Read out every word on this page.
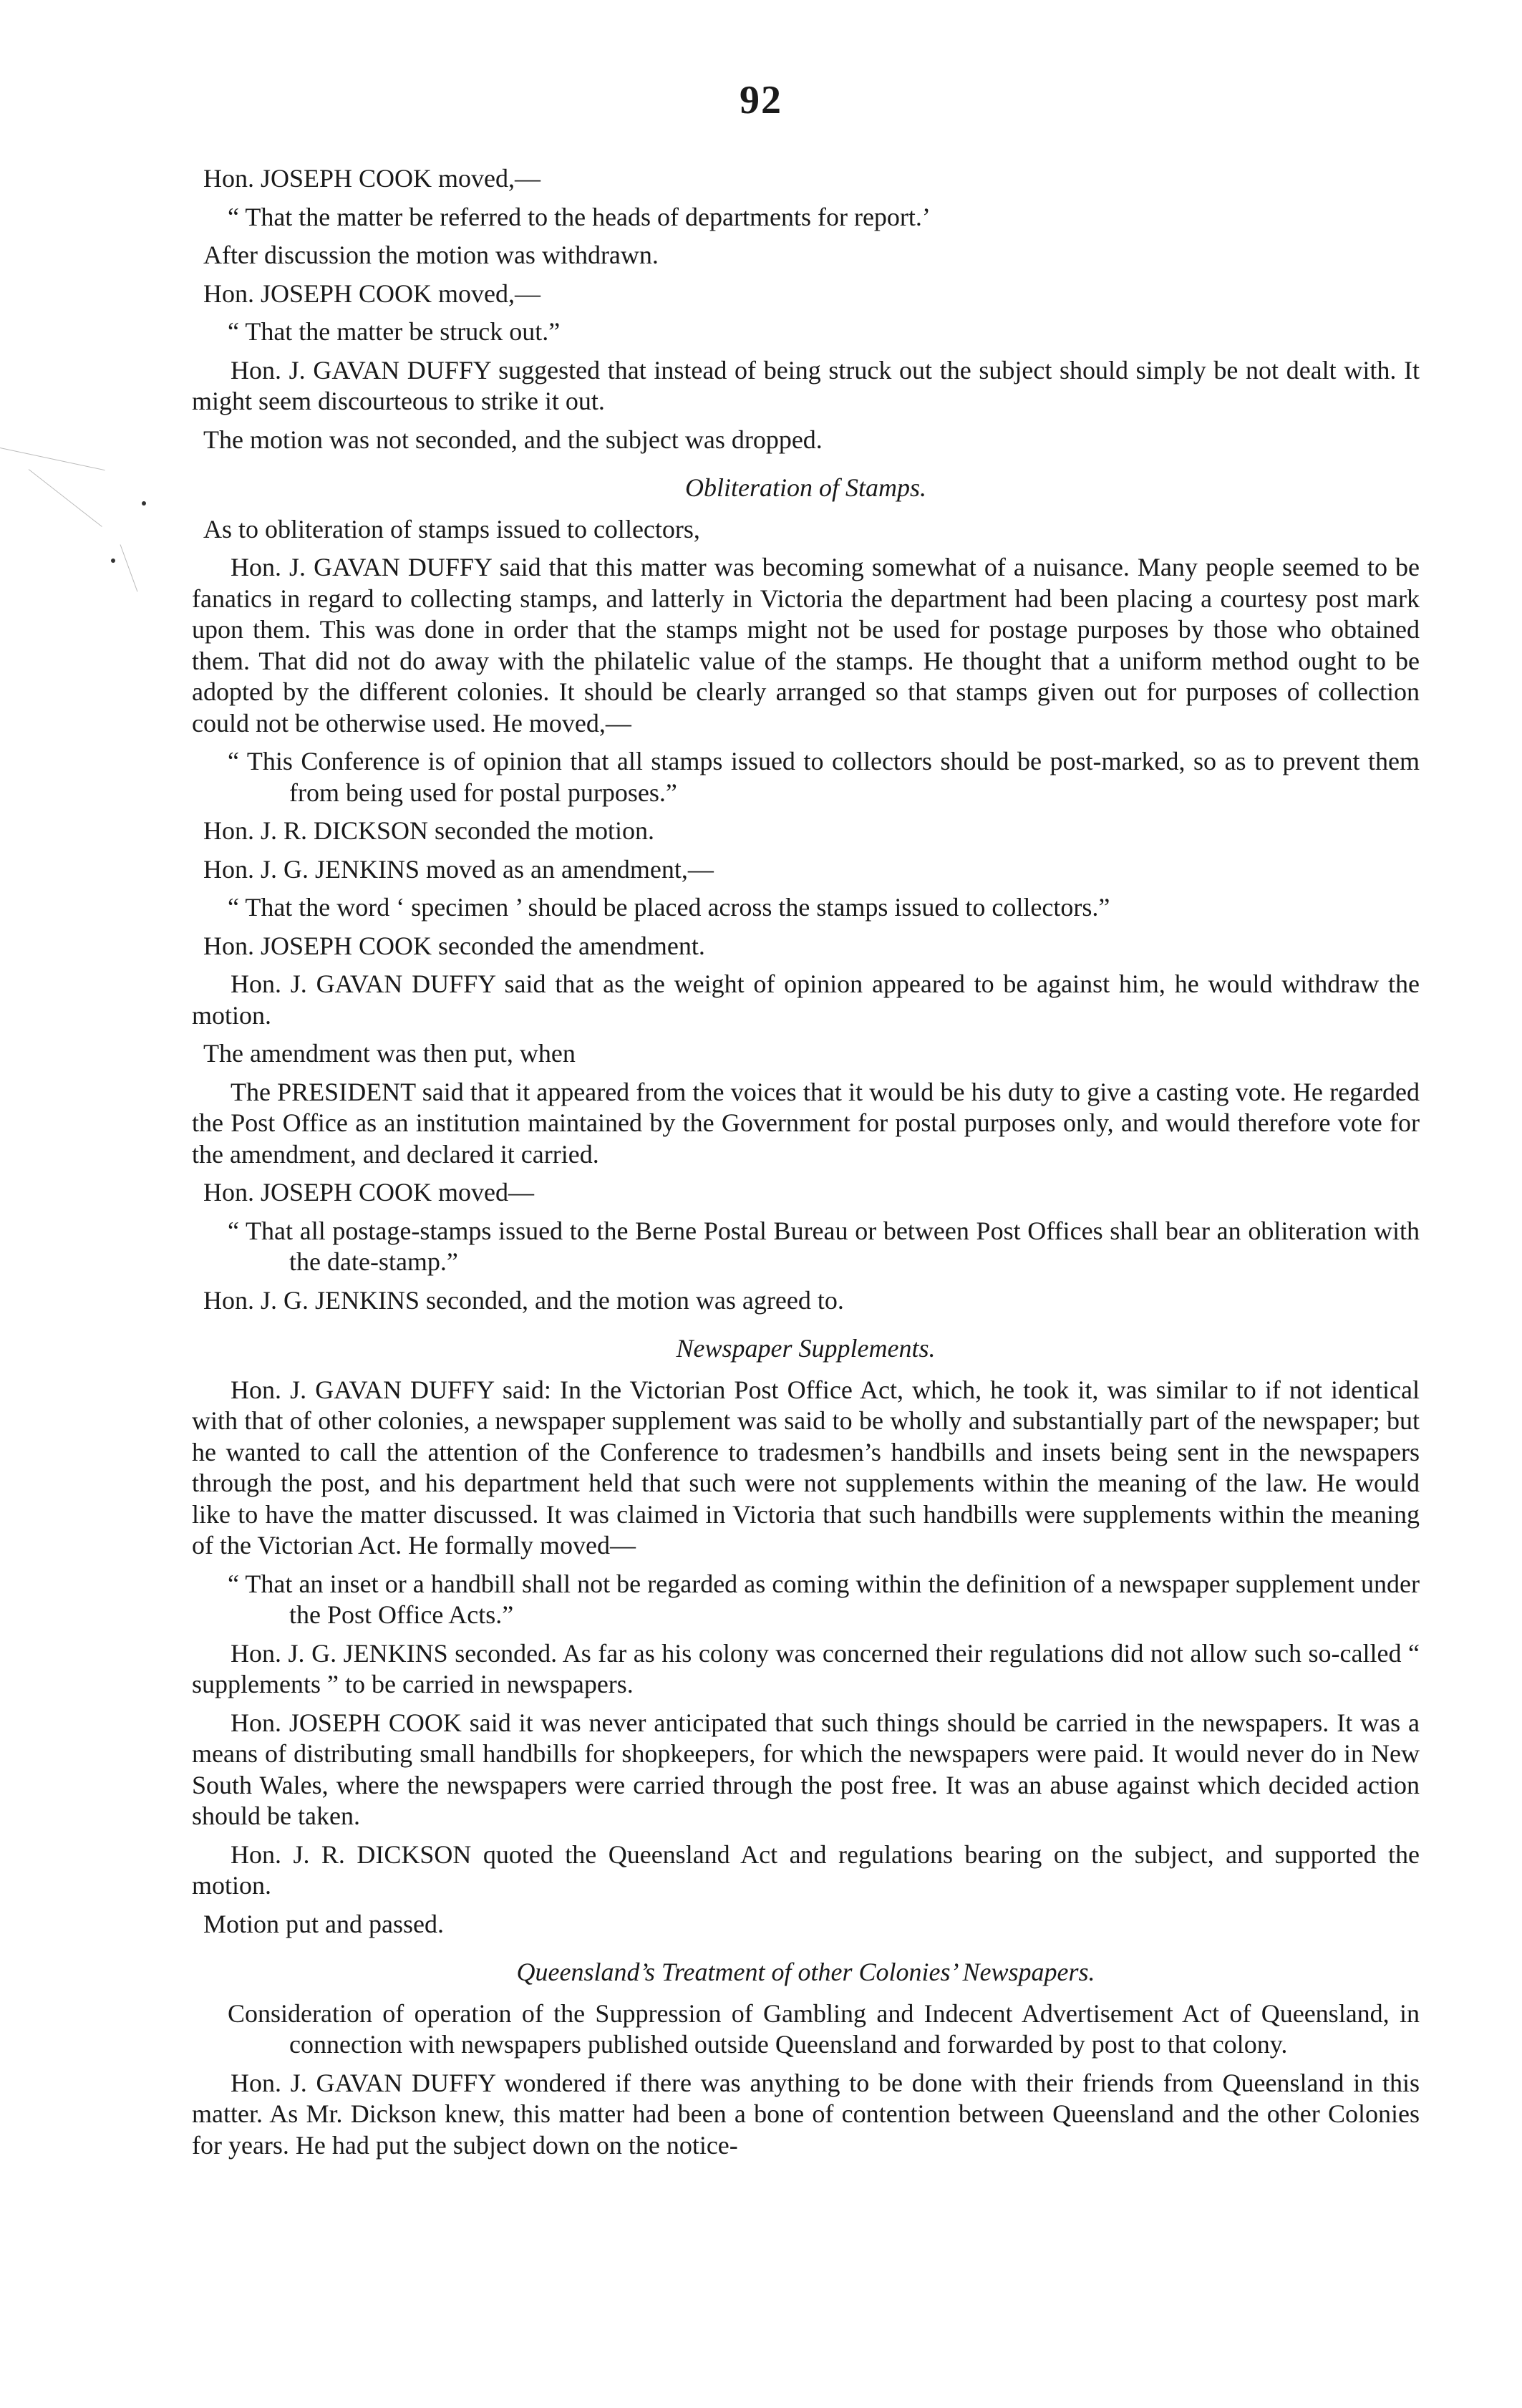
92

Hon. JOSEPH COOK moved,—

“ That the matter be referred to the heads of departments for report.’

After discussion the motion was withdrawn.

Hon. JOSEPH COOK moved,—

“ That the matter be struck out.”

Hon. J. GAVAN DUFFY suggested that instead of being struck out the subject should simply be not dealt with. It might seem discourteous to strike it out.

The motion was not seconded, and the subject was dropped.

Obliteration of Stamps.

As to obliteration of stamps issued to collectors,

Hon. J. GAVAN DUFFY said that this matter was becoming somewhat of a nuisance. Many people seemed to be fanatics in regard to collecting stamps, and latterly in Victoria the department had been placing a courtesy post mark upon them. This was done in order that the stamps might not be used for postage purposes by those who obtained them. That did not do away with the philatelic value of the stamps. He thought that a uniform method ought to be adopted by the different colonies. It should be clearly arranged so that stamps given out for purposes of collection could not be otherwise used. He moved,—

“ This Conference is of opinion that all stamps issued to collectors should be post-marked, so as to prevent them from being used for postal purposes.”

Hon. J. R. DICKSON seconded the motion.

Hon. J. G. JENKINS moved as an amendment,—

“ That the word ‘ specimen ’ should be placed across the stamps issued to collectors.”

Hon. JOSEPH COOK seconded the amendment.

Hon. J. GAVAN DUFFY said that as the weight of opinion appeared to be against him, he would withdraw the motion.

The amendment was then put, when

The PRESIDENT said that it appeared from the voices that it would be his duty to give a casting vote. He regarded the Post Office as an institution maintained by the Government for postal purposes only, and would therefore vote for the amendment, and declared it carried.

Hon. JOSEPH COOK moved—

“ That all postage-stamps issued to the Berne Postal Bureau or between Post Offices shall bear an obliteration with the date-stamp.”

Hon. J. G. JENKINS seconded, and the motion was agreed to.

Newspaper Supplements.

Hon. J. GAVAN DUFFY said: In the Victorian Post Office Act, which, he took it, was similar to if not identical with that of other colonies, a newspaper supplement was said to be wholly and substantially part of the newspaper; but he wanted to call the attention of the Conference to tradesmen’s handbills and insets being sent in the newspapers through the post, and his department held that such were not supplements within the meaning of the law. He would like to have the matter discussed. It was claimed in Victoria that such handbills were supplements within the meaning of the Victorian Act. He formally moved—

“ That an inset or a handbill shall not be regarded as coming within the definition of a newspaper supplement under the Post Office Acts.”

Hon. J. G. JENKINS seconded. As far as his colony was concerned their regulations did not allow such so-called “ supplements ” to be carried in newspapers.

Hon. JOSEPH COOK said it was never anticipated that such things should be carried in the newspapers. It was a means of distributing small handbills for shopkeepers, for which the newspapers were paid. It would never do in New South Wales, where the newspapers were carried through the post free. It was an abuse against which decided action should be taken.

Hon. J. R. DICKSON quoted the Queensland Act and regulations bearing on the subject, and supported the motion.

Motion put and passed.

Queensland’s Treatment of other Colonies’ Newspapers.

Consideration of operation of the Suppression of Gambling and Indecent Advertisement Act of Queensland, in connection with newspapers published outside Queensland and forwarded by post to that colony.

Hon. J. GAVAN DUFFY wondered if there was anything to be done with their friends from Queensland in this matter. As Mr. Dickson knew, this matter had been a bone of contention between Queensland and the other Colonies for years. He had put the subject down on the notice-
